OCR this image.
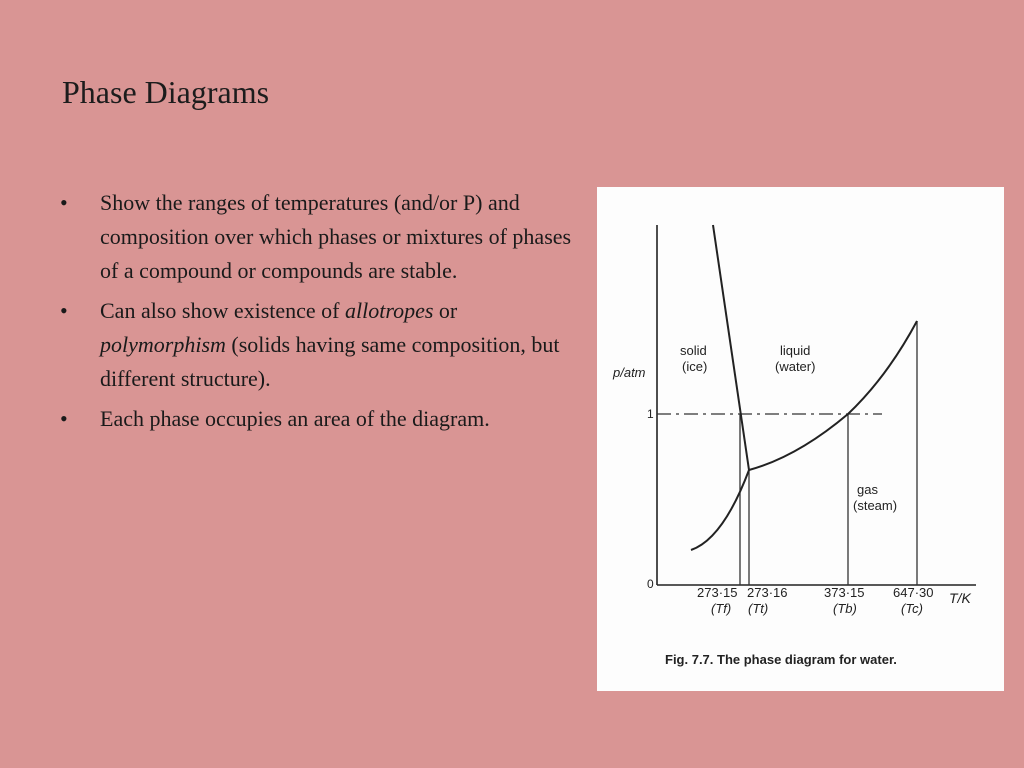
Phase Diagrams
• Show the ranges of temperatures (and/or P) and composition over which phases or mixtures of phases of a compound or compounds are stable.
• Can also show existence of allotropes or polymorphism (solids having same composition, but different structure).
• Each phase occupies an area of the diagram.
p/atm
1
0
solid
(ice)
liquid
(water)
gas
(steam)
273·15
(Tf)
273·16
(Tt)
373·15
(Tb)
647·30
(Tc)
T/K
Fig. 7.7. The phase diagram for water.
